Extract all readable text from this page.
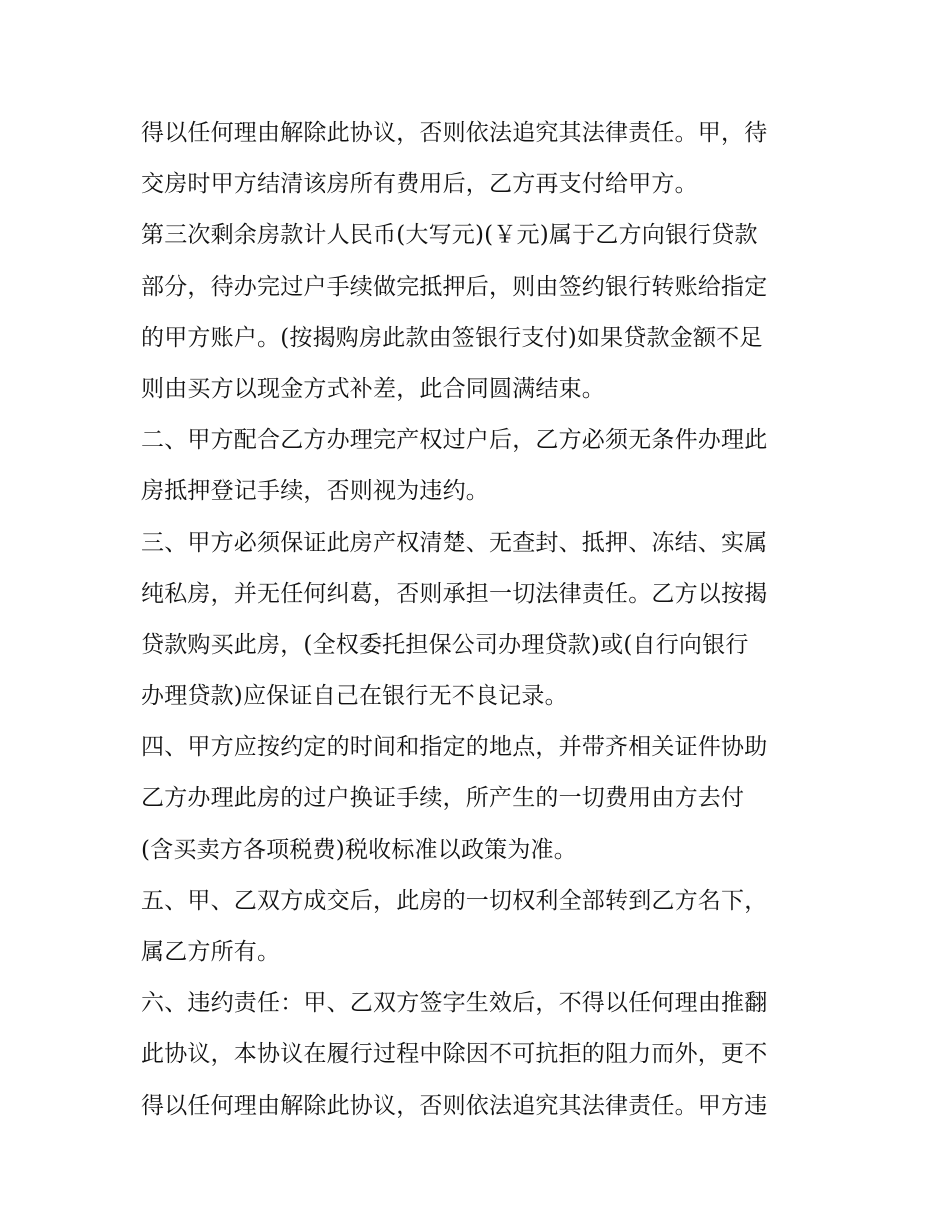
得以任何理由解除此协议，否则依法追究其法律责任。甲，待
交房时甲方结清该房所有费用后，乙方再支付给甲方。
第三次剩余房款计人民币(大写元)(￥元)属于乙方向银行贷款
部分，待办完过户手续做完抵押后，则由签约银行转账给指定
的甲方账户。(按揭购房此款由签银行支付)如果贷款金额不足
则由买方以现金方式补差，此合同圆满结束。
二、甲方配合乙方办理完产权过户后，乙方必须无条件办理此
房抵押登记手续，否则视为违约。
三、甲方必须保证此房产权清楚、无查封、抵押、冻结、实属
纯私房，并无任何纠葛，否则承担一切法律责任。乙方以按揭
贷款购买此房，(全权委托担保公司办理贷款)或(自行向银行
办理贷款)应保证自己在银行无不良记录。
四、甲方应按约定的时间和指定的地点，并带齐相关证件协助
乙方办理此房的过户换证手续，所产生的一切费用由方去付
(含买卖方各项税费)税收标准以政策为准。
五、甲、乙双方成交后，此房的一切权利全部转到乙方名下，
属乙方所有。
六、违约责任：甲、乙双方签字生效后，不得以任何理由推翻
此协议，本协议在履行过程中除因不可抗拒的阻力而外，更不
得以任何理由解除此协议，否则依法追究其法律责任。甲方违
